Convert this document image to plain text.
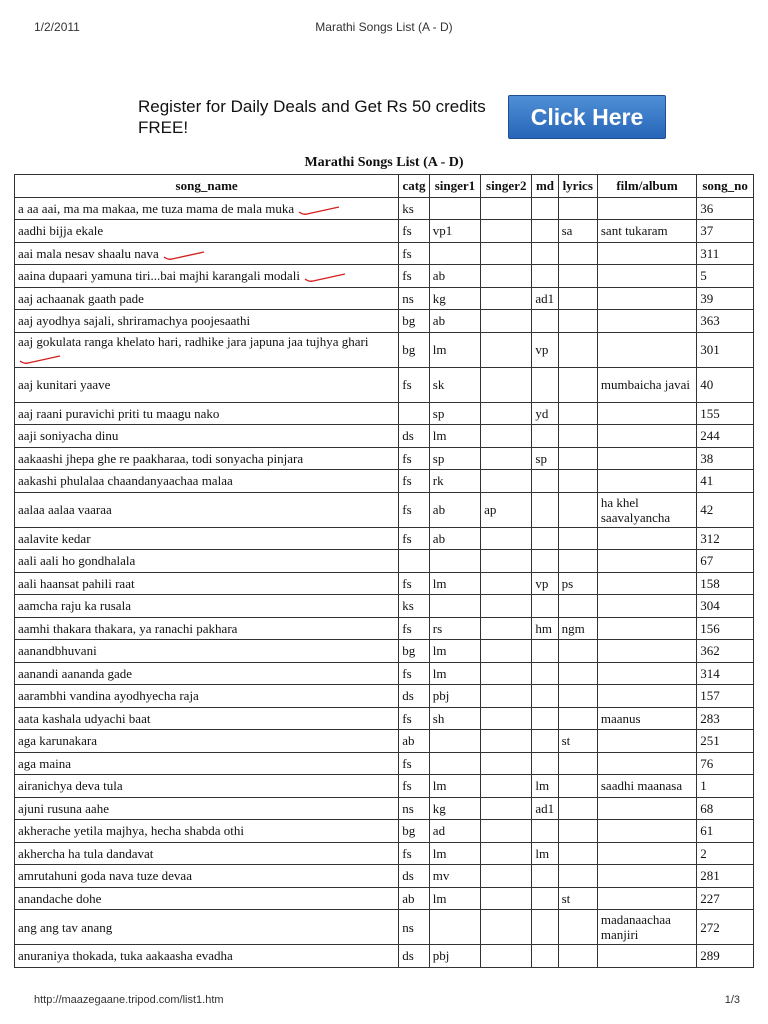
1/2/2011	Marathi Songs List (A - D)
Register for Daily Deals and Get Rs 50 credits FREE!	Click Here
Marathi Songs List (A - D)
song_name	catg	singer1	singer2	md	lyrics	film/album	song_no
a aa aai, ma ma makaa, me tuza mama de mala muka	ks						36
aadhi bijja ekale	fs	vp1			sa	sant tukaram	37
aai mala nesav shaalu nava	fs						311
aaina dupaari yamuna tiri...bai majhi karangali modali	fs	ab					5
aaj achaanak gaath pade	ns	kg		ad1			39
aaj ayodhya sajali, shriramachya poojesaathi	bg	ab					363
aaj gokulata ranga khelato hari, radhike jara japuna jaa tujhya ghari	bg	lm		vp			301
aaj kunitari yaave	fs	sk				mumbaicha javai	40
aaj raani puravichi priti tu maagu nako		sp		yd			155
aaji soniyacha dinu	ds	lm					244
aakaashi jhepa ghe re paakharaa, todi sonyacha pinjara	fs	sp		sp			38
aakashi phulalaa chaandanyaachaa malaa	fs	rk					41
aalaa aalaa vaaraa	fs	ab	ap			ha khel saavalyancha	42
aalavite kedar	fs	ab					312
aali aali ho gondhalala							67
aali haansat pahili raat	fs	lm		vp	ps		158
aamcha raju ka rusala	ks						304
aamhi thakara thakara, ya ranachi pakhara	fs	rs		hm	ngm		156
aanandbhuvani	bg	lm					362
aanandi aananda gade	fs	lm					314
aarambhi vandina ayodhyecha raja	ds	pbj					157
aata kashala udyachi baat	fs	sh				maanus	283
aga karunakara	ab				st		251
aga maina	fs						76
airanichya deva tula	fs	lm		lm		saadhi maanasa	1
ajuni rusuna aahe	ns	kg		ad1			68
akherache yetila majhya, hecha shabda othi	bg	ad					61
akhercha ha tula dandavat	fs	lm		lm			2
amrutahuni goda nava tuze devaa	ds	mv					281
anandache dohe	ab	lm			st		227
ang ang tav anang	ns					madanaachaa manjiri	272
anuraniya thokada, tuka aakaasha evadha	ds	pbj					289
http://maazegaane.tripod.com/list1.htm	1/3
